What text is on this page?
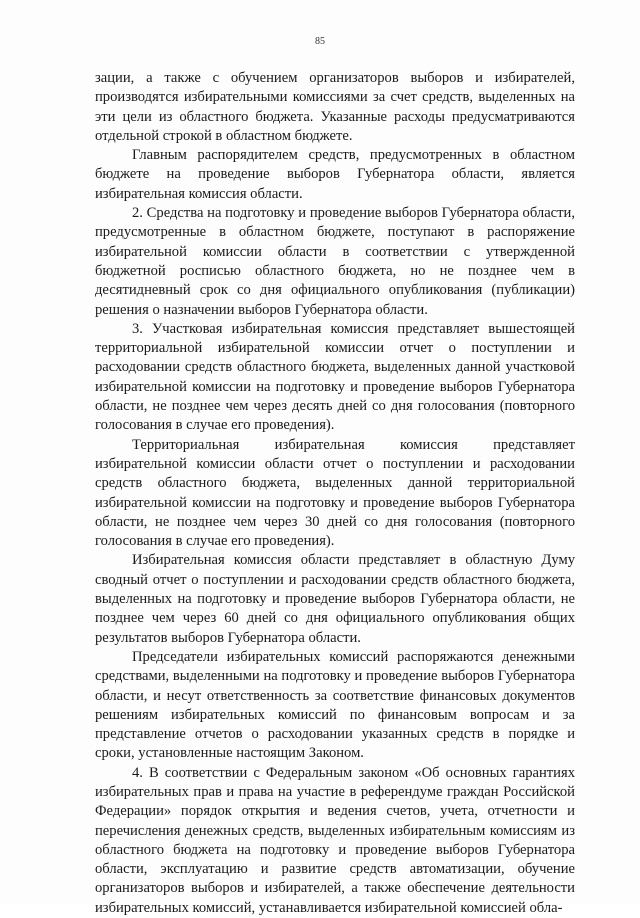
85

зации, а также с обучением организаторов выборов и избирателей, производятся избирательными комиссиями за счет средств, выделенных на эти цели из областного бюджета. Указанные расходы предусматриваются отдельной строкой в областном бюджете.

Главным распорядителем средств, предусмотренных в областном бюджете на проведение выборов Губернатора области, является избирательная комиссия области.

2. Средства на подготовку и проведение выборов Губернатора области, предусмотренные в областном бюджете, поступают в распоряжение избирательной комиссии области в соответствии с утвержденной бюджетной росписью областного бюджета, но не позднее чем в десятидневный срок со дня официального опубликования (публикации) решения о назначении выборов Губернатора области.

3. Участковая избирательная комиссия представляет вышестоящей территориальной избирательной комиссии отчет о поступлении и расходовании средств областного бюджета, выделенных данной участковой избирательной комиссии на подготовку и проведение выборов Губернатора области, не позднее чем через десять дней со дня голосования (повторного голосования в случае его проведения).

Территориальная избирательная комиссия представляет избирательной комиссии области отчет о поступлении и расходовании средств областного бюджета, выделенных данной территориальной избирательной комиссии на подготовку и проведение выборов Губернатора области, не позднее чем через 30 дней со дня голосования (повторного голосования в случае его проведения).

Избирательная комиссия области представляет в областную Думу сводный отчет о поступлении и расходовании средств областного бюджета, выделенных на подготовку и проведение выборов Губернатора области, не позднее чем через 60 дней со дня официального опубликования общих результатов выборов Губернатора области.

Председатели избирательных комиссий распоряжаются денежными средствами, выделенными на подготовку и проведение выборов Губернатора области, и несут ответственность за соответствие финансовых документов решениям избирательных комиссий по финансовым вопросам и за представление отчетов о расходовании указанных средств в порядке и сроки, установленные настоящим Законом.

4. В соответствии с Федеральным законом «Об основных гарантиях избирательных прав и права на участие в референдуме граждан Российской Федерации» порядок открытия и ведения счетов, учета, отчетности и перечисления денежных средств, выделенных избирательным комиссиям из областного бюджета на подготовку и проведение выборов Губернатора области, эксплуатацию и развитие средств автоматизации, обучение организаторов выборов и избирателей, а также обеспечение деятельности избирательных комиссий, устанавливается избирательной комиссией обла-
